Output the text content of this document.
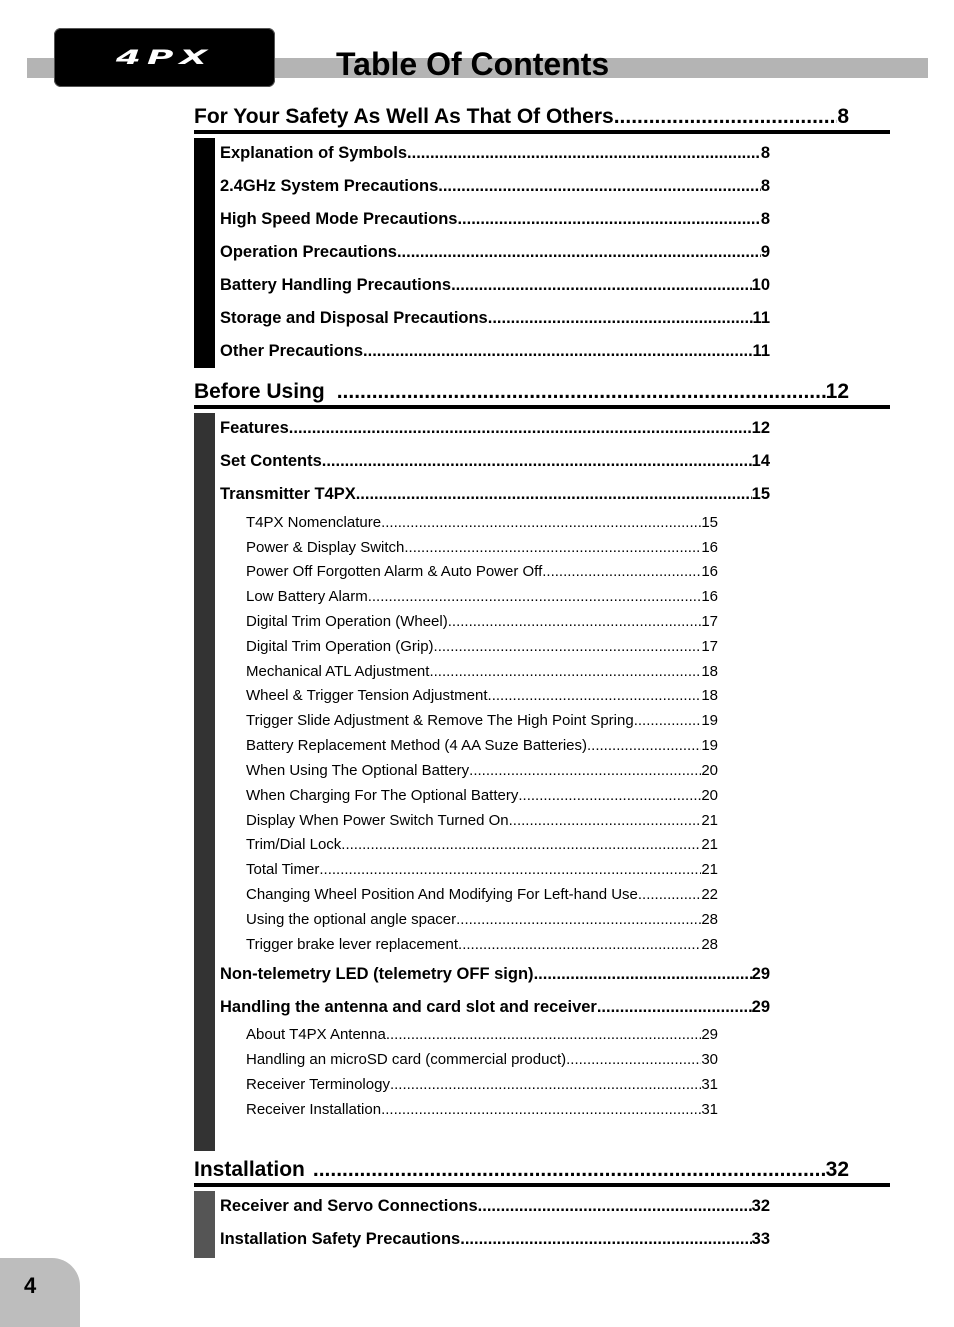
4PX	Table Of Contents
For Your Safety As Well As That Of Others .....	8
Explanation of Symbols .....	8
2.4GHz System Precautions .....	8
High Speed Mode Precautions .....	8
Operation Precautions .....	9
Battery Handling Precautions .....	10
Storage and Disposal Precautions .....	11
Other Precautions .....	11
Before Using .....	12
Features .....	12
Set Contents .....	14
Transmitter T4PX .....	15
T4PX Nomenclature .....	15
Power & Display Switch .....	16
Power Off Forgotten Alarm & Auto Power Off .....	16
Low Battery Alarm .....	16
Digital Trim Operation (Wheel) .....	17
Digital Trim Operation (Grip) .....	17
Mechanical ATL Adjustment .....	18
Wheel & Trigger Tension Adjustment .....	18
Trigger Slide Adjustment & Remove The High Point Spring .....	19
Battery Replacement Method (4 AA Suze Batteries) .....	19
When Using The Optional Battery .....	20
When Charging For The Optional Battery .....	20
Display When Power Switch Turned On .....	21
Trim/Dial Lock .....	21
Total Timer .....	21
Changing Wheel Position And Modifying For Left-hand Use .....	22
Using the optional angle spacer .....	28
Trigger brake lever replacement .....	28
Non-telemetry LED (telemetry OFF sign) .....	29
Handling the antenna and card slot and receiver .....	29
About T4PX Antenna .....	29
Handling an microSD card (commercial product) .....	30
Receiver Terminology .....	31
Receiver Installation .....	31
Installation .....	32
Receiver and Servo Connections .....	32
Installation Safety Precautions .....	33
4
